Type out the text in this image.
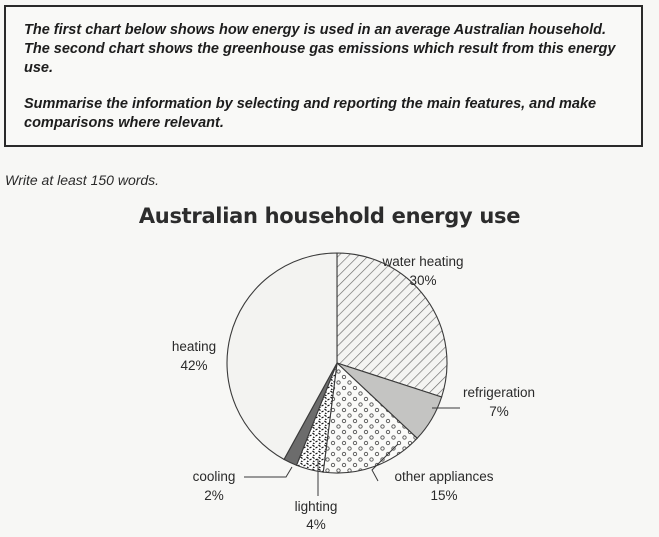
The first chart below shows how energy is used in an average Australian household. The second chart shows the greenhouse gas emissions which result from this energy use.

Summarise the information by selecting and reporting the main features, and make comparisons where relevant.

Write at least 150 words.

Australian household energy use
water heating
30%
refrigeration
7%
other appliances
15%
lighting
4%
cooling
2%
heating
42%
